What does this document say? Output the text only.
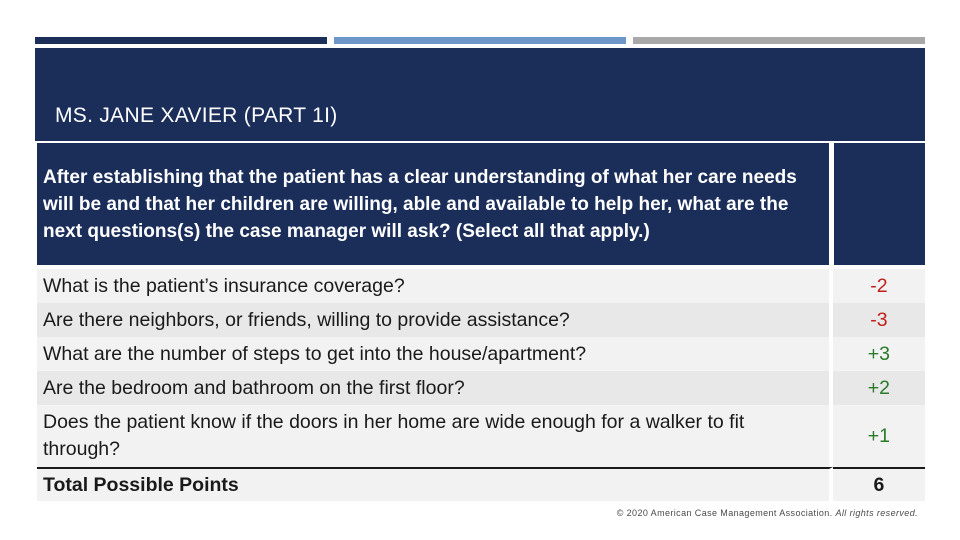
MS. JANE XAVIER (PART 1I)
After establishing that the patient has a clear understanding of what her care needs will be and that her children are willing, able and available to help her, what are the next questions(s) the case manager will ask? (Select all that apply.)	

What is the patient’s insurance coverage?	-2
Are there neighbors, or friends, willing to provide assistance?	-3
What are the number of steps to get into the house/apartment?	+3
Are the bedroom and bathroom on the first floor?	+2
Does the patient know if the doors in her home are wide enough for a walker to fit through?	+1
Total Possible Points	6
© 2020 American Case Management Association. All rights reserved.
